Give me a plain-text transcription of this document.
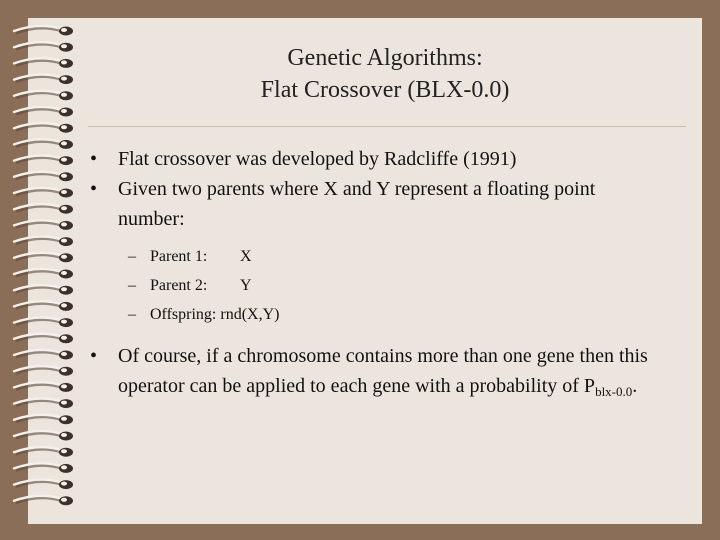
Genetic Algorithms:
Flat Crossover (BLX-0.0)

• Flat crossover was developed by Radcliffe (1991)

• Given two parents where X and Y represent a floating point number:

– Parent 1: X
– Parent 2: Y
– Offspring: rnd(X,Y)

• Of course, if a chromosome contains more than one gene then this operator can be applied to each gene with a probability of $P_{blx-0.0}$.
